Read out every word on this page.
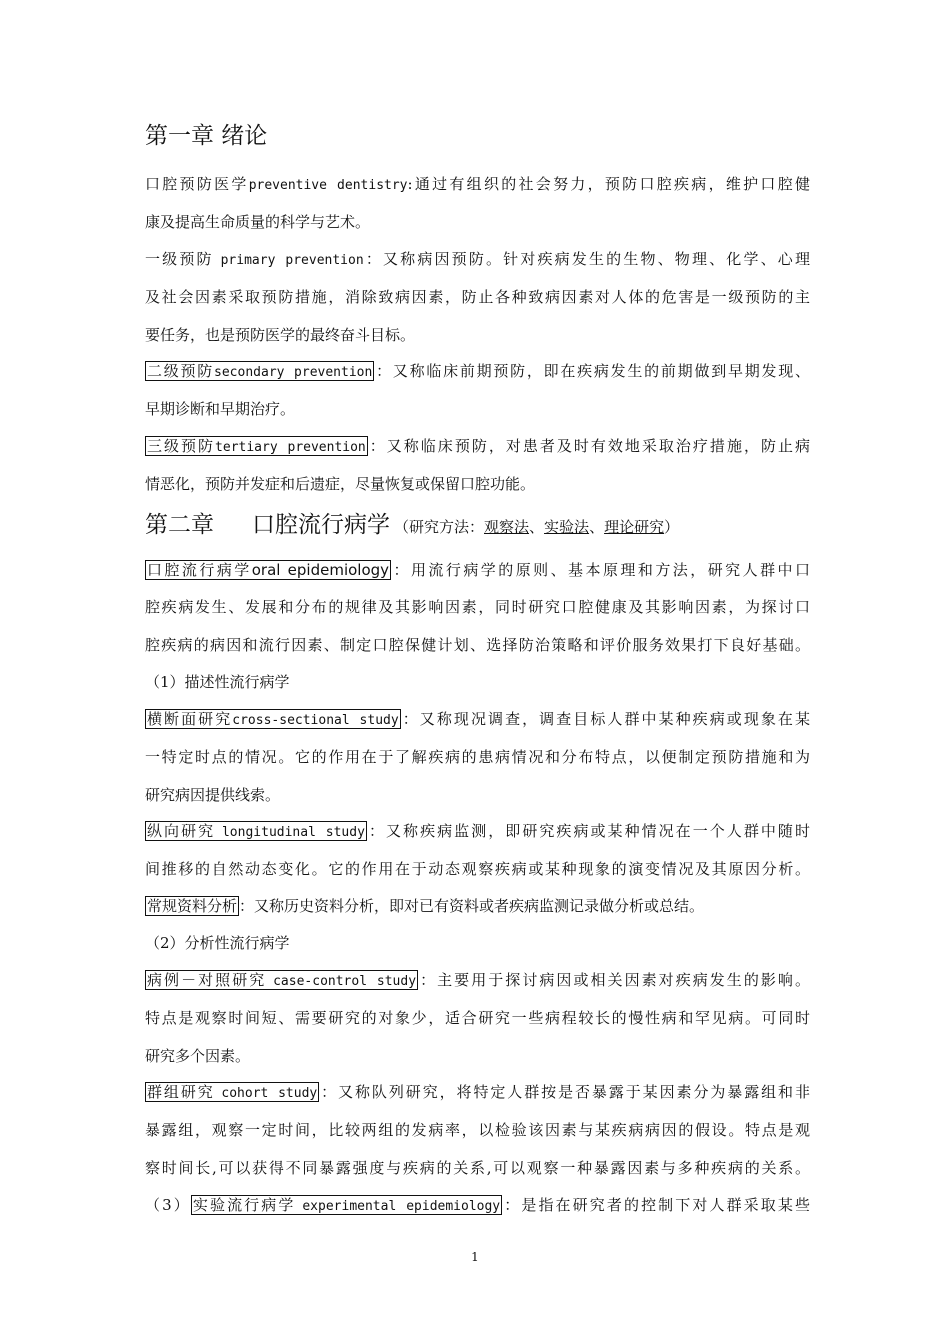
第一章 绪论

口腔预防医学preventive dentistry:通过有组织的社会努力，预防口腔疾病，维护口腔健

康及提高生命质量的科学与艺术。

一级预防 primary prevention：又称病因预防。针对疾病发生的生物、物理、化学、心理

及社会因素采取预防措施，消除致病因素，防止各种致病因素对人体的危害是一级预防的主

要任务，也是预防医学的最终奋斗目标。

二级预防secondary prevention ：又称临床前期预防，即在疾病发生的前期做到早期发现、

早期诊断和早期治疗。

三级预防tertiary prevention ：又称临床预防，对患者及时有效地采取治疗措施，防止病

情恶化，预防并发症和后遗症，尽量恢复或保留口腔功能。

第二章 口腔流行病学 （研究方法：观察法、实验法、理论研究）

口腔流行病学oral epidemiology ：用流行病学的原则、基本原理和方法，研究人群中口

腔疾病发生、发展和分布的规律及其影响因素，同时研究口腔健康及其影响因素，为探讨口

腔疾病的病因和流行因素、制定口腔保健计划、选择防治策略和评价服务效果打下良好基础。

（1）描述性流行病学

横断面研究cross-sectional study ：又称现况调查，调查目标人群中某种疾病或现象在某

一特定时点的情况。它的作用在于了解疾病的患病情况和分布特点，以便制定预防措施和为

研究病因提供线索。

纵向研究 longitudinal study ：又称疾病监测，即研究疾病或某种情况在一个人群中随时

间推移的自然动态变化。它的作用在于动态观察疾病或某种现象的演变情况及其原因分析。

常规资料分析 ：又称历史资料分析，即对已有资料或者疾病监测记录做分析或总结。

（2）分析性流行病学

病例－对照研究 case-control study ：主要用于探讨病因或相关因素对疾病发生的影响。

特点是观察时间短、需要研究的对象少，适合研究一些病程较长的慢性病和罕见病。可同时

研究多个因素。

群组研究 cohort study ：又称队列研究，将特定人群按是否暴露于某因素分为暴露组和非

暴露组，观察一定时间，比较两组的发病率，以检验该因素与某疾病病因的假设。特点是观

察时间长,可以获得不同暴露强度与疾病的关系,可以观察一种暴露因素与多种疾病的关系。

（3） 实验流行病学 experimental epidemiology ：是指在研究者的控制下对人群采取某些

1
